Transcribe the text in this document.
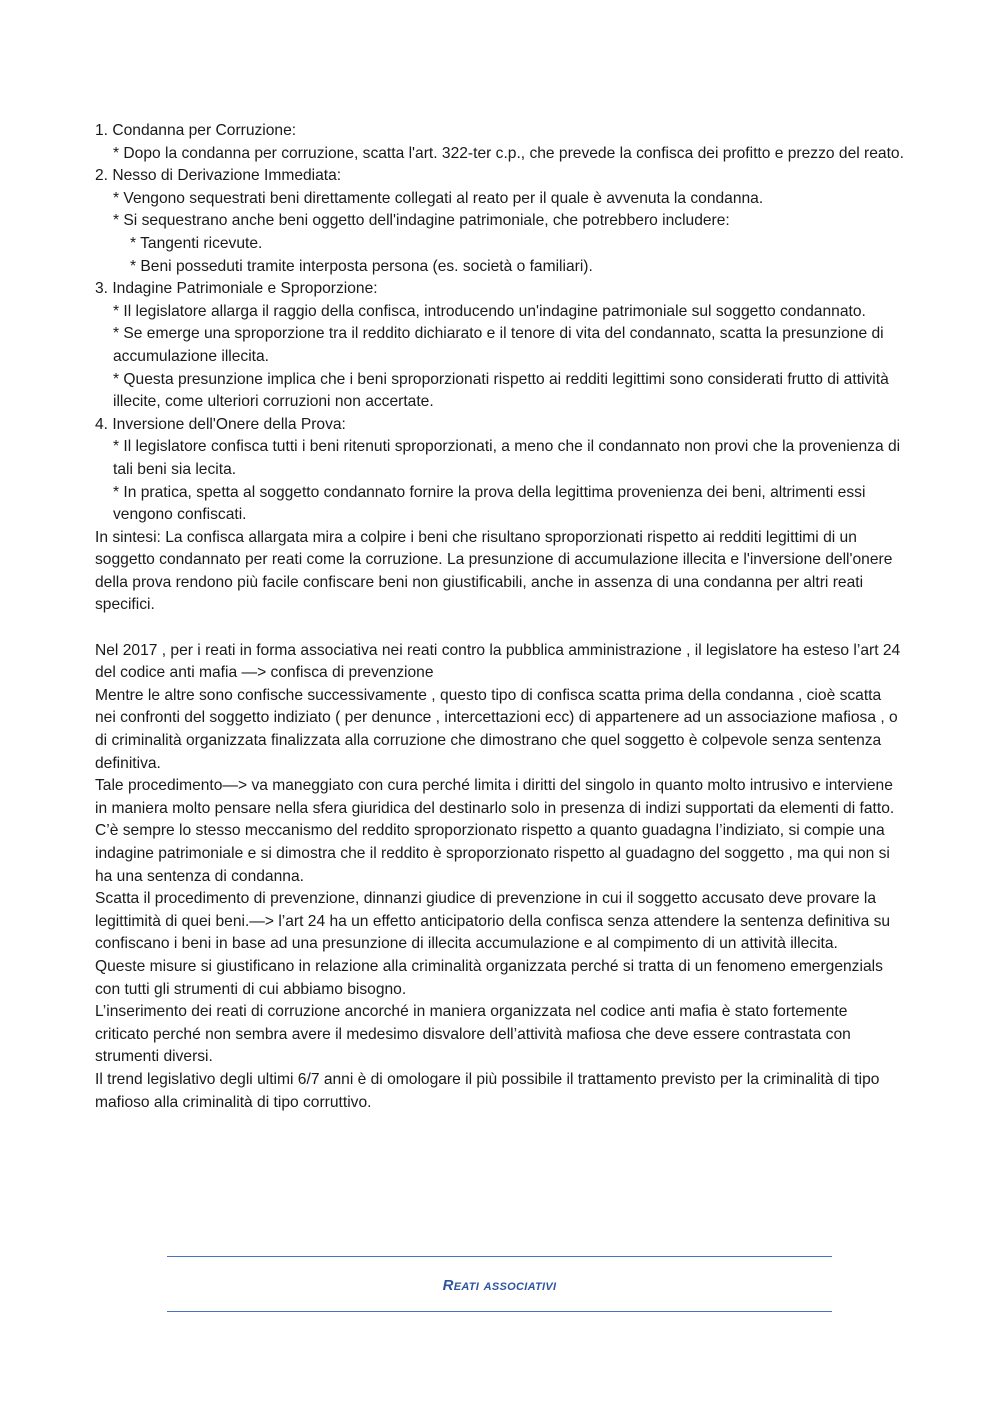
1. Condanna per Corruzione:

* Dopo la condanna per corruzione, scatta l'art. 322-ter c.p., che prevede la confisca dei profitto e prezzo del reato.

2. Nesso di Derivazione Immediata:

* Vengono sequestrati beni direttamente collegati al reato per il quale è avvenuta la condanna.

* Si sequestrano anche beni oggetto dell'indagine patrimoniale, che potrebbero includere:

* Tangenti ricevute.

* Beni posseduti tramite interposta persona (es. società o familiari).

3. Indagine Patrimoniale e Sproporzione:

* Il legislatore allarga il raggio della confisca, introducendo un'indagine patrimoniale sul soggetto condannato.

* Se emerge una sproporzione tra il reddito dichiarato e il tenore di vita del condannato, scatta la presunzione di accumulazione illecita.

* Questa presunzione implica che i beni sproporzionati rispetto ai redditi legittimi sono considerati frutto di attività illecite, come ulteriori corruzioni non accertate.

4. Inversione dell'Onere della Prova:

* Il legislatore confisca tutti i beni ritenuti sproporzionati, a meno che il condannato non provi che la provenienza di tali beni sia lecita.

* In pratica, spetta al soggetto condannato fornire la prova della legittima provenienza dei beni, altrimenti essi vengono confiscati.

In sintesi: La confisca allargata mira a colpire i beni che risultano sproporzionati rispetto ai redditi legittimi di un soggetto condannato per reati come la corruzione. La presunzione di accumulazione illecita e l'inversione dell'onere della prova rendono più facile confiscare beni non giustificabili, anche in assenza di una condanna per altri reati specifici.

Nel 2017 , per i reati in forma associativa nei reati contro la pubblica amministrazione , il legislatore ha esteso l’art 24 del codice anti mafia —> confisca di prevenzione

Mentre le altre sono confische successivamente , questo tipo di confisca scatta prima della condanna , cioè scatta nei confronti del soggetto indiziato ( per denunce , intercettazioni ecc) di appartenere ad un associazione mafiosa , o di criminalità organizzata finalizzata alla corruzione che dimostrano che quel soggetto è colpevole senza sentenza definitiva.

Tale procedimento—> va maneggiato con cura perché limita i diritti del singolo in quanto molto intrusivo e interviene in maniera molto pensare nella sfera giuridica del destinarlo solo in presenza di indizi supportati da elementi di fatto.

C’è sempre lo stesso meccanismo del reddito sproporzionato rispetto a quanto guadagna l’indiziato, si compie una indagine patrimoniale e si dimostra che il reddito è sproporzionato rispetto al guadagno del soggetto , ma qui non si ha una sentenza di condanna.

Scatta il procedimento di prevenzione, dinnanzi giudice di prevenzione in cui il soggetto accusato deve provare la legittimità di quei beni.—> l’art 24 ha un effetto anticipatorio della confisca senza attendere la sentenza definitiva su confiscano i beni in base ad una presunzione di illecita accumulazione e al compimento di un attività illecita.

Queste misure si giustificano in relazione alla criminalità organizzata perché si tratta di un fenomeno emergenzials con tutti gli strumenti di cui abbiamo bisogno.

L’inserimento dei reati di corruzione ancorché in maniera organizzata nel codice anti mafia è stato fortemente criticato perché non sembra avere il medesimo disvalore dell’attività mafiosa che deve essere contrastata con strumenti diversi.

Il trend legislativo degli ultimi 6/7 anni è di omologare il più possibile il trattamento previsto per la criminalità di tipo mafioso alla criminalità di tipo corruttivo.

Reati associativi
